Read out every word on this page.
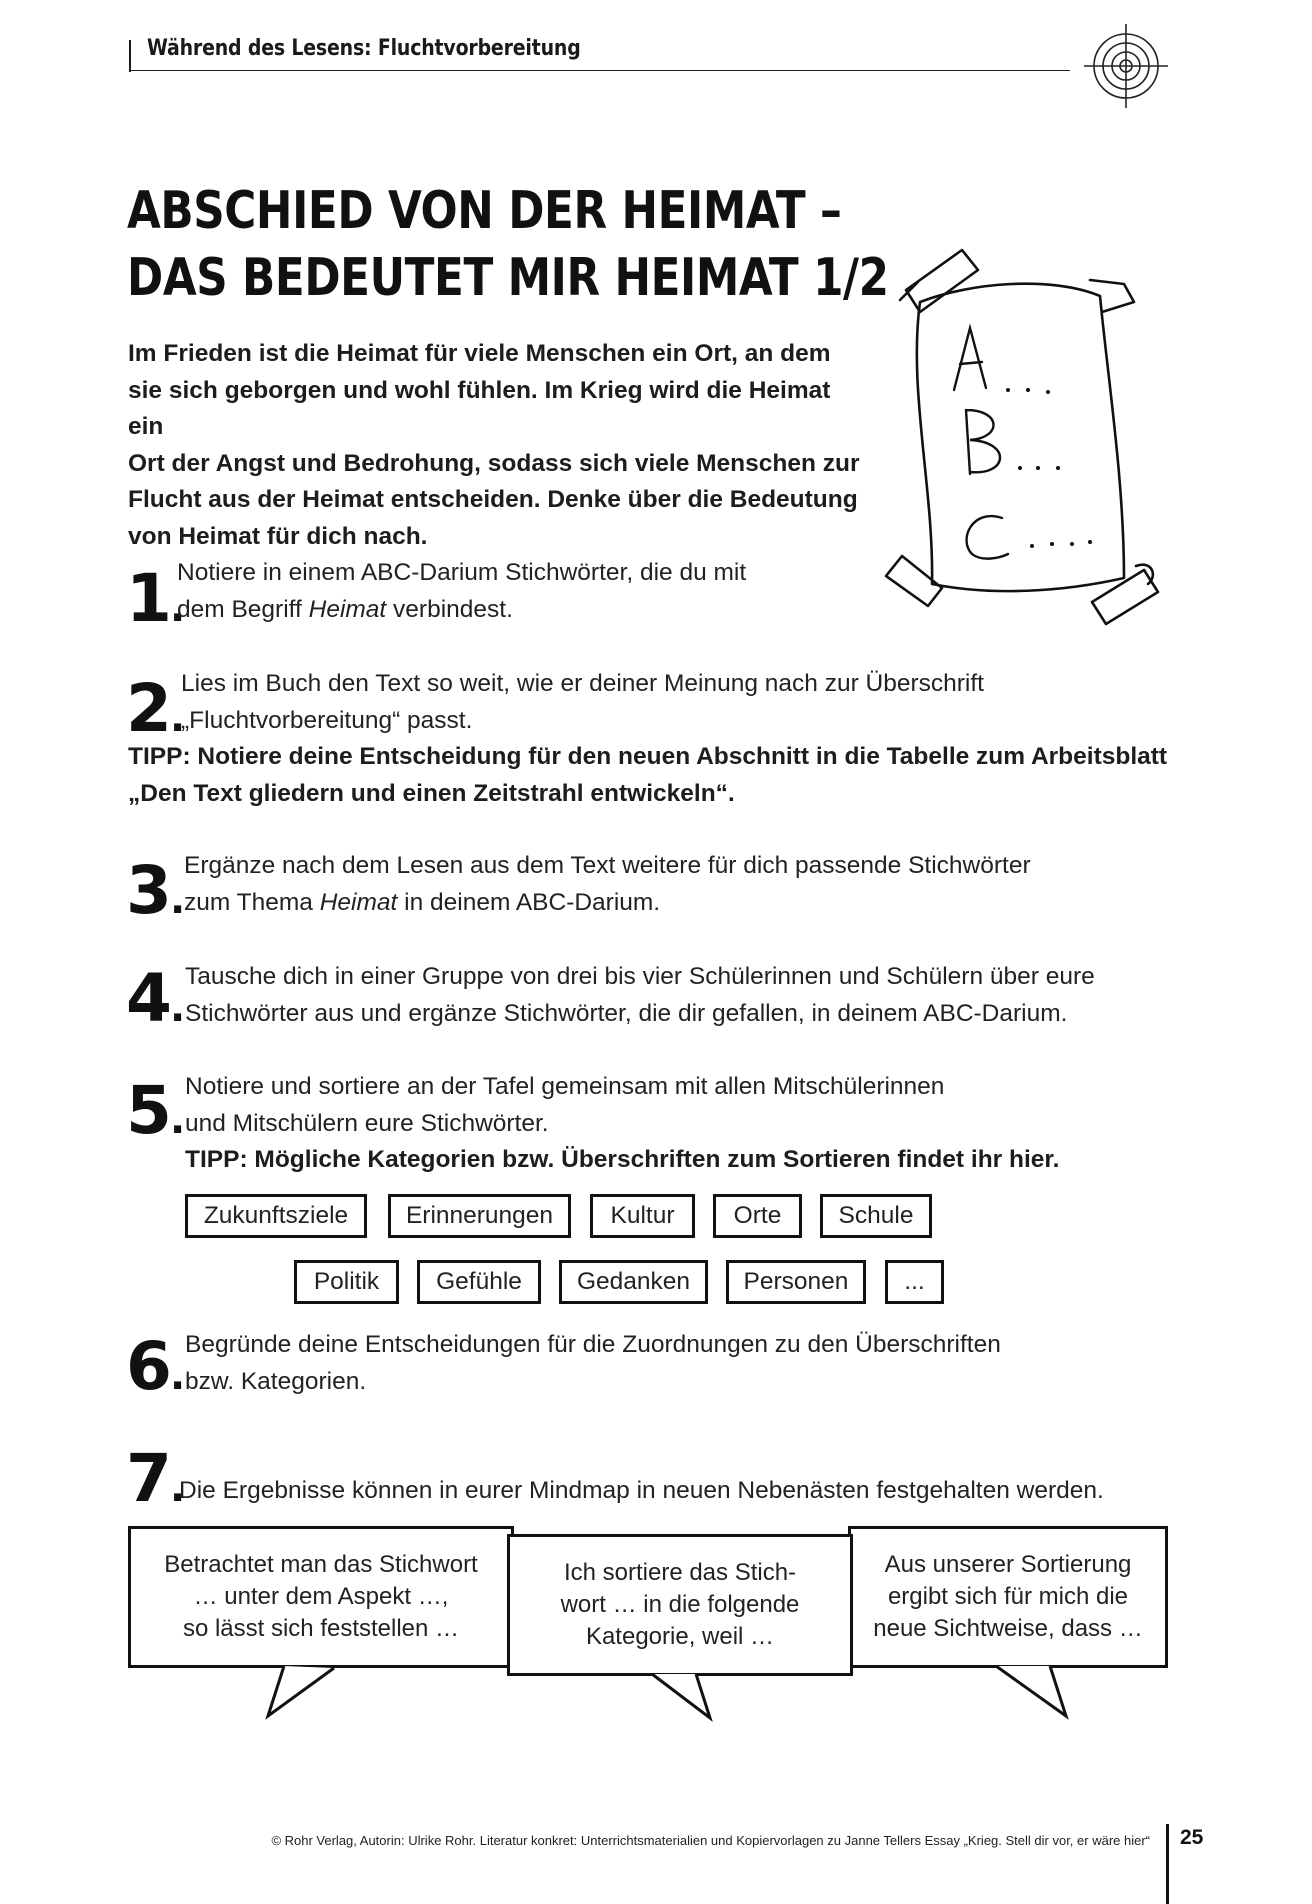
Während des Lesens: Fluchtvorbereitung
ABSCHIED VON DER HEIMAT –
DAS BEDEUTET MIR HEIMAT 1/2
Im Frieden ist die Heimat für viele Menschen ein Ort, an dem
sie sich geborgen und wohl fühlen. Im Krieg wird die Heimat ein
Ort der Angst und Bedrohung, sodass sich viele Menschen zur
Flucht aus der Heimat entscheiden. Denke über die Bedeutung
von Heimat für dich nach.
1.
Notiere in einem ABC-Darium Stichwörter, die du mit
dem Begriff Heimat verbindest.
2.
Lies im Buch den Text so weit, wie er deiner Meinung nach zur Überschrift
„Fluchtvorbereitung“ passt.
TIPP: Notiere deine Entscheidung für den neuen Abschnitt in die Tabelle zum Arbeitsblatt
„Den Text gliedern und einen Zeitstrahl entwickeln“.
3.
Ergänze nach dem Lesen aus dem Text weitere für dich passende Stichwörter
zum Thema Heimat in deinem ABC-Darium.
4.
Tausche dich in einer Gruppe von drei bis vier Schülerinnen und Schülern über eure
Stichwörter aus und ergänze Stichwörter, die dir gefallen, in deinem ABC-Darium.
5.
Notiere und sortiere an der Tafel gemeinsam mit allen Mitschülerinnen
und Mitschülern eure Stichwörter.
TIPP: Mögliche Kategorien bzw. Überschriften zum Sortieren findet ihr hier.
Zukunftsziele	Erinnerungen	Kultur	Orte	Schule
Politik	Gefühle	Gedanken	Personen	...
6.
Begründe deine Entscheidungen für die Zuordnungen zu den Überschriften
bzw. Kategorien.
7.
Die Ergebnisse können in eurer Mindmap in neuen Nebenästen festgehalten werden.
Betrachtet man das Stichwort
… unter dem Aspekt …,
so lässt sich feststellen …
Aus unserer Sortierung
ergibt sich für mich die
neue Sichtweise, dass …
Ich sortiere das Stich-
wort … in die folgende
Kategorie, weil …
© Rohr Verlag, Autorin: Ulrike Rohr. Literatur konkret: Unterrichtsmaterialien und Kopiervorlagen zu Janne Tellers Essay „Krieg. Stell dir vor, er wäre hier“ 25
